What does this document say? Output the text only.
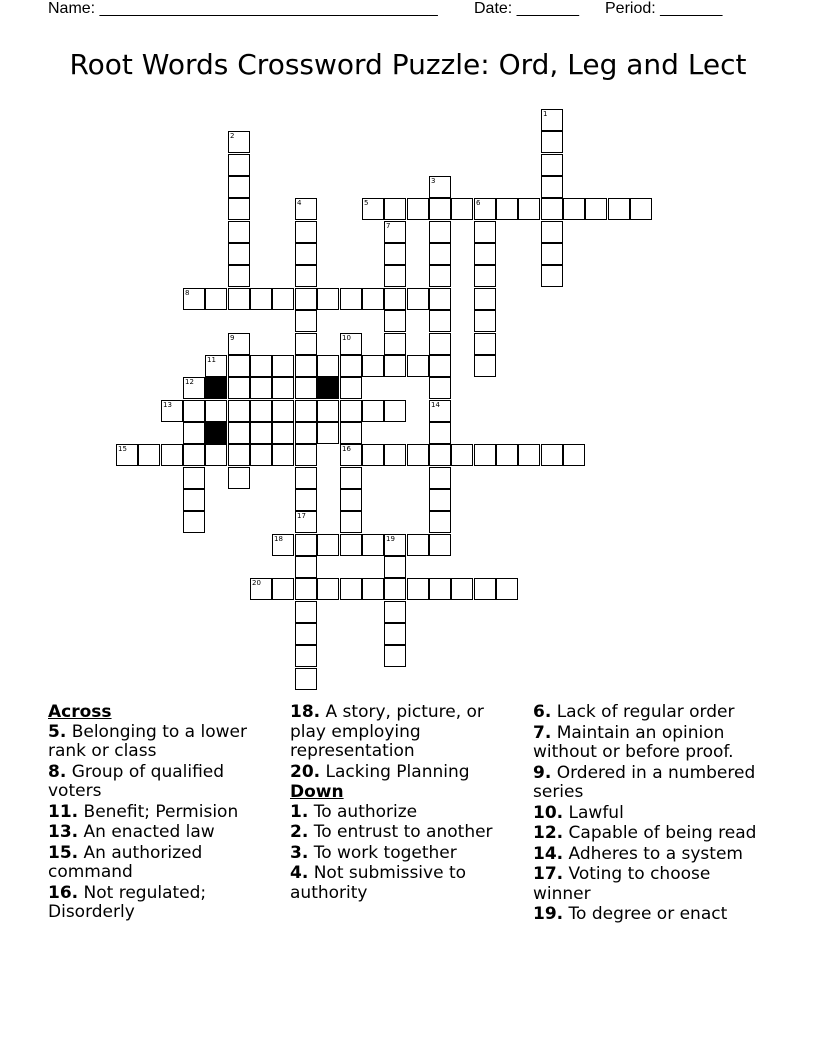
Name: ______________________________________ Date: _______ Period: _______
Root Words Crossword Puzzle: Ord, Leg and Lect
1
2
3
4
17
5	6
7
8
9	10
16
11
12
13
15
14
18	19
20
Across
5. Belonging to a lower rank or class
8. Group of qualified voters
11. Benefit; Permision
13. An enacted law
15. An authorized command
16. Not regulated; Disorderly
18. A story, picture, or play employing representation
20. Lacking Planning
Down
1. To authorize
2. To entrust to another
3. To work together
4. Not submissive to authority
6. Lack of regular order
7. Maintain an opinion without or before proof.
9. Ordered in a numbered series
10. Lawful
12. Capable of being read
14. Adheres to a system
17. Voting to choose winner
19. To degree or enact
